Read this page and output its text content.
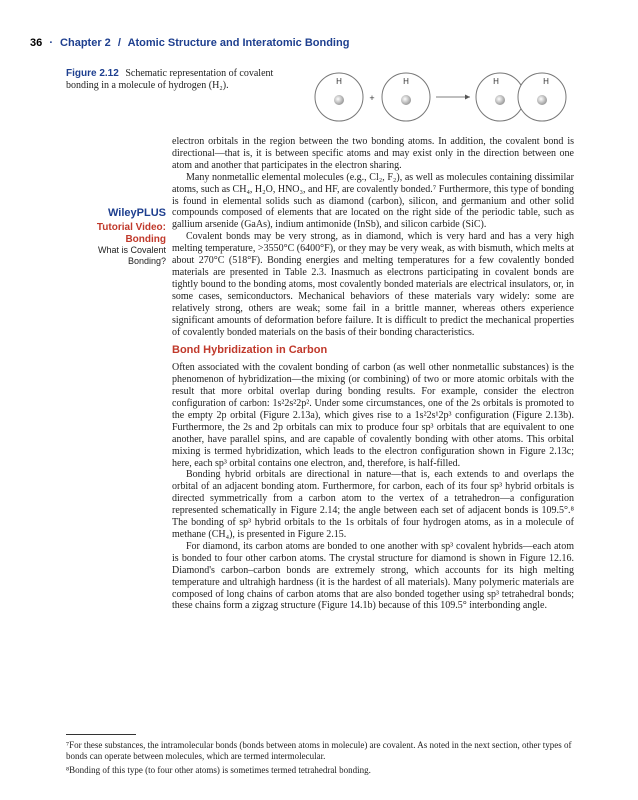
36 · Chapter 2 / Atomic Structure and Interatomic Bonding
Figure 2.12 Schematic representation of covalent bonding in a molecule of hydrogen (H₂).	H
+
H	H	H
WileyPLUS
Tutorial Video: Bonding
What is Covalent Bonding?

electron orbitals in the region between the two bonding atoms. In addition, the covalent bond is directional—that is, it is between specific atoms and may exist only in the direction between one atom and another that participates in the electron sharing.

Many nonmetallic elemental molecules (e.g., Cl₂, F₂), as well as molecules containing dissimilar atoms, such as CH₄, H₂O, HNO₃, and HF, are covalently bonded.⁷ Furthermore, this type of bonding is found in elemental solids such as diamond (carbon), silicon, and germanium and other solid compounds composed of elements that are located on the right side of the periodic table, such as gallium arsenide (GaAs), indium antimonide (InSb), and silicon carbide (SiC).

Covalent bonds may be very strong, as in diamond, which is very hard and has a very high melting temperature, >3550°C (6400°F), or they may be very weak, as with bismuth, which melts at about 270°C (518°F). Bonding energies and melting temperatures for a few covalently bonded materials are presented in Table 2.3. Inasmuch as electrons participating in covalent bonds are tightly bound to the bonding atoms, most covalently bonded materials are electrical insulators, or, in some cases, semiconductors. Mechanical behaviors of these materials vary widely: some are relatively strong, others are weak; some fail in a brittle manner, whereas others experience significant amounts of deformation before failure. It is difficult to predict the mechanical properties of covalently bonded materials on the basis of their bonding characteristics.

Bond Hybridization in Carbon

Often associated with the covalent bonding of carbon (as well other nonmetallic substances) is the phenomenon of hybridization—the mixing (or combining) of two or more atomic orbitals with the result that more orbital overlap during bonding results. For example, consider the electron configuration of carbon: 1s²2s²2p². Under some circumstances, one of the 2s orbitals is promoted to the empty 2p orbital (Figure 2.13a), which gives rise to a 1s²2s¹2p³ configuration (Figure 2.13b). Furthermore, the 2s and 2p orbitals can mix to produce four sp³ orbitals that are equivalent to one another, have parallel spins, and are capable of covalently bonding with other atoms. This orbital mixing is termed hybridization, which leads to the electron configuration shown in Figure 2.13c; here, each sp³ orbital contains one electron, and, therefore, is half-filled.

Bonding hybrid orbitals are directional in nature—that is, each extends to and overlaps the orbital of an adjacent bonding atom. Furthermore, for carbon, each of its four sp³ hybrid orbitals is directed symmetrically from a carbon atom to the vertex of a tetrahedron—a configuration represented schematically in Figure 2.14; the angle between each set of adjacent bonds is 109.5°.⁸ The bonding of sp³ hybrid orbitals to the 1s orbitals of four hydrogen atoms, as in a molecule of methane (CH₄), is presented in Figure 2.15.

For diamond, its carbon atoms are bonded to one another with sp³ covalent hybrids—each atom is bonded to four other carbon atoms. The crystal structure for diamond is shown in Figure 12.16. Diamond's carbon–carbon bonds are extremely strong, which accounts for its high melting temperature and ultrahigh hardness (it is the hardest of all materials). Many polymeric materials are composed of long chains of carbon atoms that are also bonded together using sp³ tetrahedral bonds; these chains form a zigzag structure (Figure 14.1b) because of this 109.5° interbonding angle.

⁷For these substances, the intramolecular bonds (bonds between atoms in molecule) are covalent. As noted in the next section, other types of bonds can operate between molecules, which are termed intermolecular.
⁸Bonding of this type (to four other atoms) is sometimes termed tetrahedral bonding.
